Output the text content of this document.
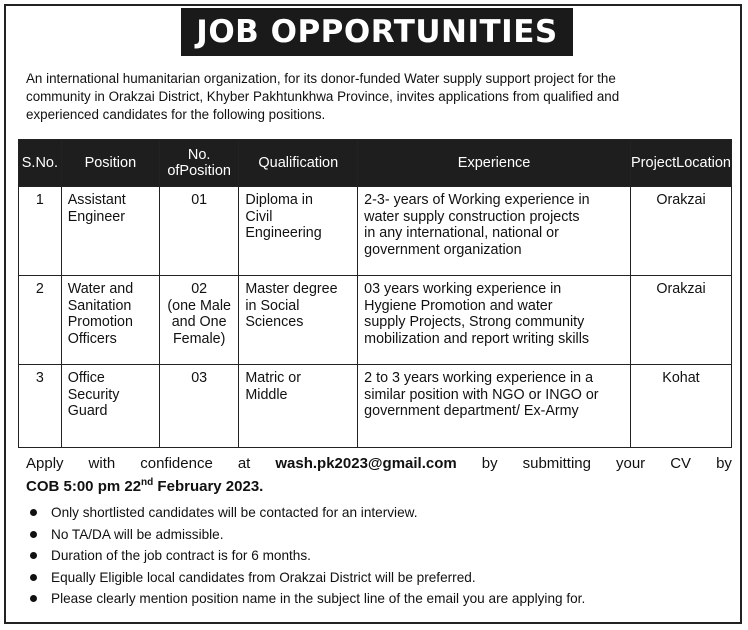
JOB OPPORTUNITIES
An international humanitarian organization, for its donor-funded Water supply support project for the
community in Orakzai District, Khyber Pakhtunkhwa Province, invites applications from qualified and
experienced candidates for the following positions.
S.No.	Position	No. ofPosition	Qualification	Experience	ProjectLocation

1	Assistant
Engineer	01	Diploma in
Civil
Engineering	2-3- years of Working experience in
water supply construction projects
in any international, national or
government organization	Orakzai

2	Water and
Sanitation
Promotion
Officers	02
(one Male
and One
Female)	Master degree
in Social
Sciences	03 years working experience in
Hygiene Promotion and water
supply Projects, Strong community
mobilization and report writing skills	Orakzai

3	Office
Security
Guard	03	Matric or
Middle	2 to 3 years working experience in a
similar position with NGO or INGO or
government department/ Ex-Army	Kohat
Apply with confidence at wash.pk2023@gmail.com by submitting your CV by
COB 5:00 pm 22nd February 2023.
Only shortlisted candidates will be contacted for an interview.
No TA/DA will be admissible.
Duration of the job contract is for 6 months.
Equally Eligible local candidates from Orakzai District will be preferred.
Please clearly mention position name in the subject line of the email you are applying for.
